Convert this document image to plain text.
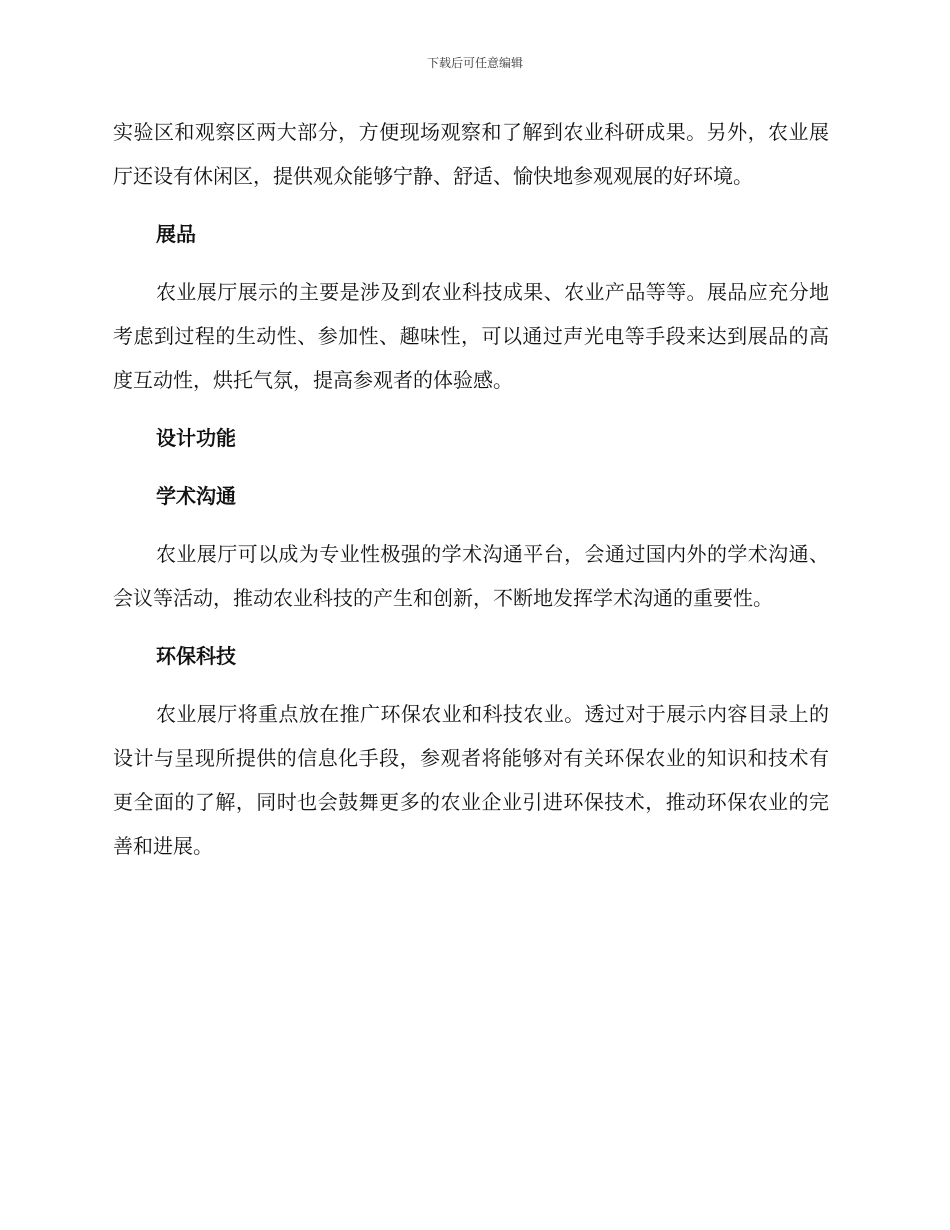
下载后可任意编辑

实验区和观察区两大部分，方便现场观察和了解到农业科研成果。另外，农业展厅还设有休闲区，提供观众能够宁静、舒适、愉快地参观观展的好环境。

展品

农业展厅展示的主要是涉及到农业科技成果、农业产品等等。展品应充分地考虑到过程的生动性、参加性、趣味性，可以通过声光电等手段来达到展品的高度互动性，烘托气氛，提高参观者的体验感。

设计功能
学术沟通

农业展厅可以成为专业性极强的学术沟通平台，会通过国内外的学术沟通、会议等活动，推动农业科技的产生和创新，不断地发挥学术沟通的重要性。

环保科技

农业展厅将重点放在推广环保农业和科技农业。透过对于展示内容目录上的设计与呈现所提供的信息化手段，参观者将能够对有关环保农业的知识和技术有更全面的了解，同时也会鼓舞更多的农业企业引进环保技术，推动环保农业的完善和进展。
